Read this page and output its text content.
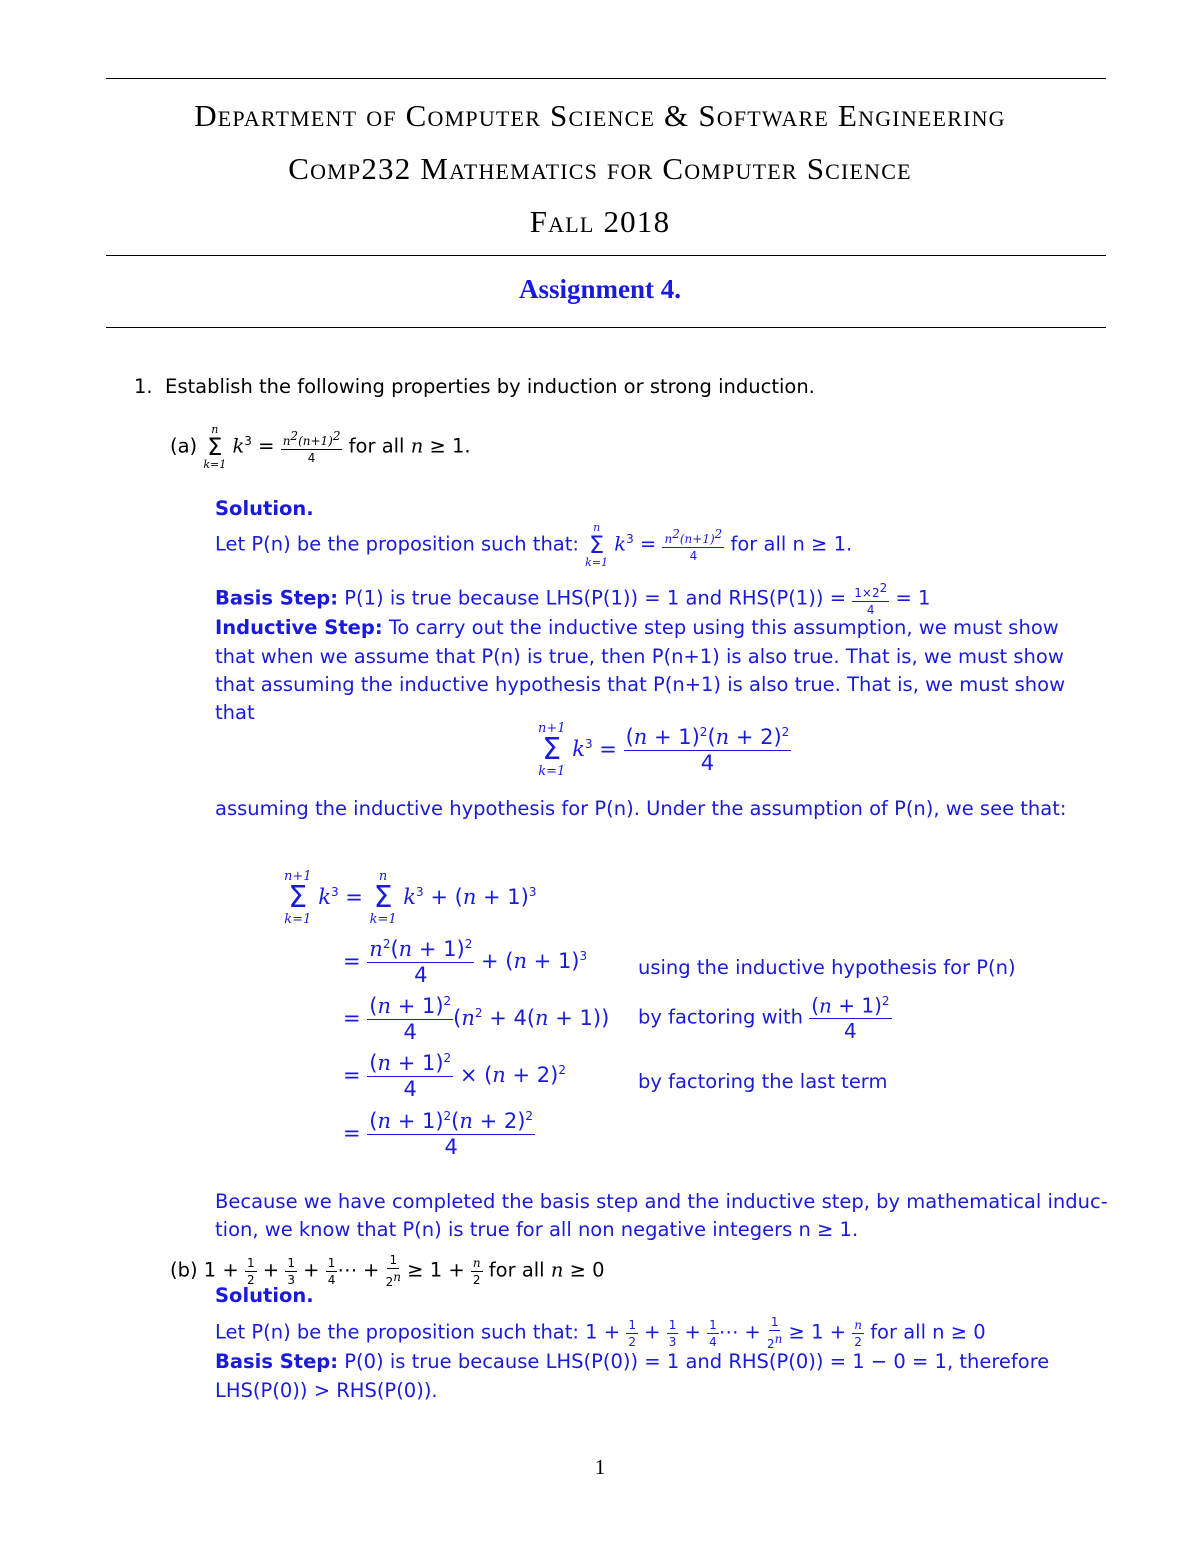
Department of Computer Science & Software Engineering
Comp232 Mathematics for Computer Science
Fall 2018
Assignment 4.
1. Establish the following properties by induction or strong induction.
(a)
n
Σ
k=1
$k^3 = \frac{n^2(n+1)^2}{4}$ for all n ≥ 1.
Solution.
Let P(n) be the proposition such that:
n
Σ
k=1
$k^3 = \frac{n^2(n+1)^2}{4}$ for all n ≥ 1.
Basis Step: P(1) is true because LHS(P(1)) = 1 and $RHS(P(1)) = \frac{1\times 2^2}{4} = 1$
Inductive Step: To carry out the inductive step using this assumption, we must show
that when we assume that P(n) is true, then P(n+1) is also true. That is, we must show
that assuming the inductive hypothesis that P(n+1) is also true. That is, we must show
that
n+1
Σ
k=1
$k^3 = \frac{(n + 1)^2(n + 2)^2}{4}$
assuming the inductive hypothesis for P(n). Under the assumption of P(n), we see that:
n+1
Σ
k=1
$k^3$ =
n
Σ
k=1
$k^3 + (n + 1)^3$
= $\frac{n^2(n + 1)^2}{4} + (n + 1)^3$	using the inductive hypothesis for P(n)
= $\frac{(n + 1)^2}{4} (n^2 + 4(n + 1))$ by factoring with $\frac{(n + 1)^2}{4}$
= $\frac{(n + 1)^2}{4} \times (n + 2)^2$	by factoring the last term
= $\frac{(n + 1)^2(n + 2)^2}{4}$
Because we have completed the basis step and the inductive step, by mathematical induc-
tion, we know that P(n) is true for all non negative integers n ≥ 1.
(b) $1 + \frac{1}{2} + \frac{1}{3} + \frac{1}{4}$ ⋯ + $\frac{1}{2^n} \ge 1 + \frac{n}{2}$ for all n ≥ 0
Solution.
Let P(n) be the proposition such that: $1 + \frac{1}{2} + \frac{1}{3} + \frac{1}{4}$ ⋯ + $\frac{1}{2^n} \ge 1 + \frac{n}{2}$ for all n ≥ 0
Basis Step: P(0) is true because LHS(P(0)) = 1 and RHS(P(0)) = 1 − 0 = 1, therefore
LHS(P(0)) > RHS(P(0)).
1
